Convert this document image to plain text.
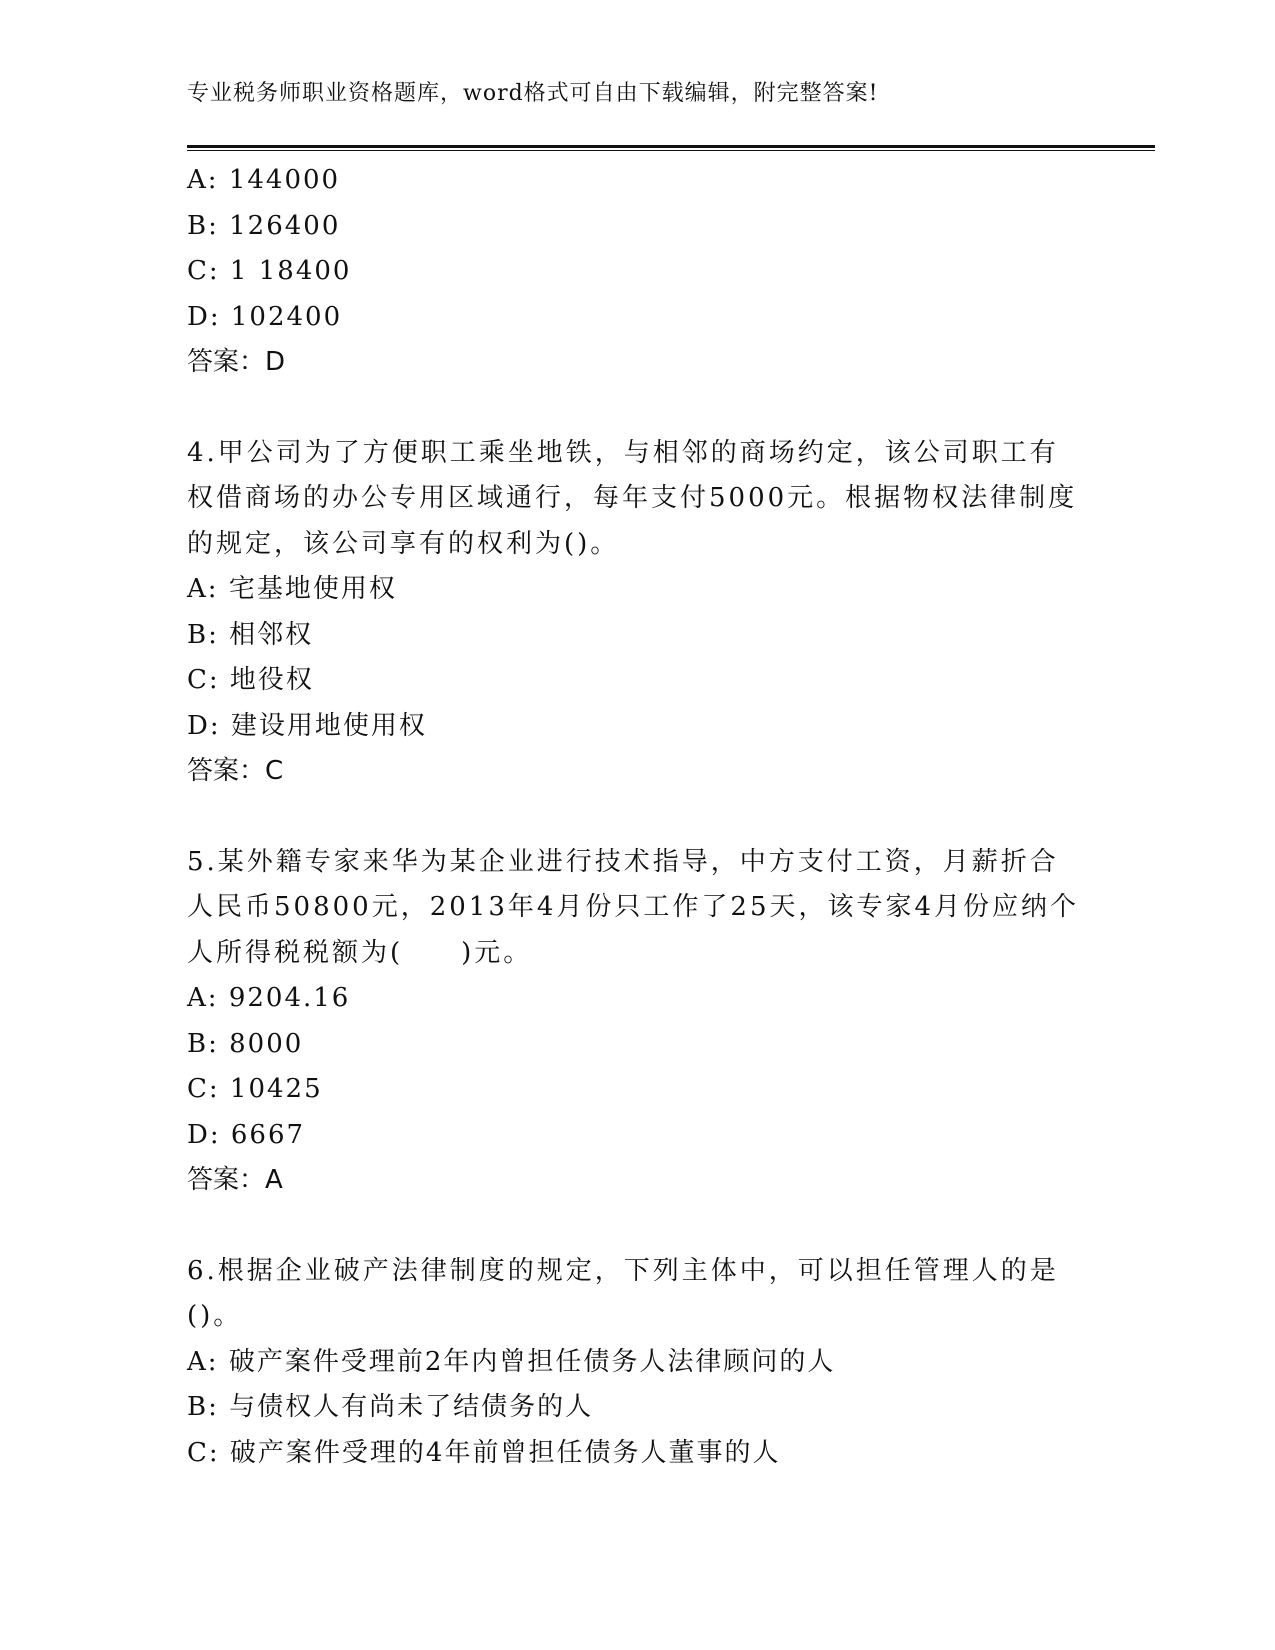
专业税务师职业资格题库，word格式可自由下载编辑，附完整答案!
A: 144000
B: 126400
C: 1 18400
D: 102400
答案：D
4.甲公司为了方便职工乘坐地铁，与相邻的商场约定，该公司职工有
权借商场的办公专用区域通行，每年支付5000元。根据物权法律制度
的规定，该公司享有的权利为()。
A: 宅基地使用权
B: 相邻权
C: 地役权
D: 建设用地使用权
答案：C
5.某外籍专家来华为某企业进行技术指导，中方支付工资，月薪折合
人民币50800元，2013年4月份只工作了25天，该专家4月份应纳个
人所得税税额为(　　)元。
A: 9204.16
B: 8000
C: 10425
D: 6667
答案：A
6.根据企业破产法律制度的规定，下列主体中，可以担任管理人的是
()。
A: 破产案件受理前2年内曾担任债务人法律顾问的人
B: 与债权人有尚未了结债务的人
C: 破产案件受理的4年前曾担任债务人董事的人
